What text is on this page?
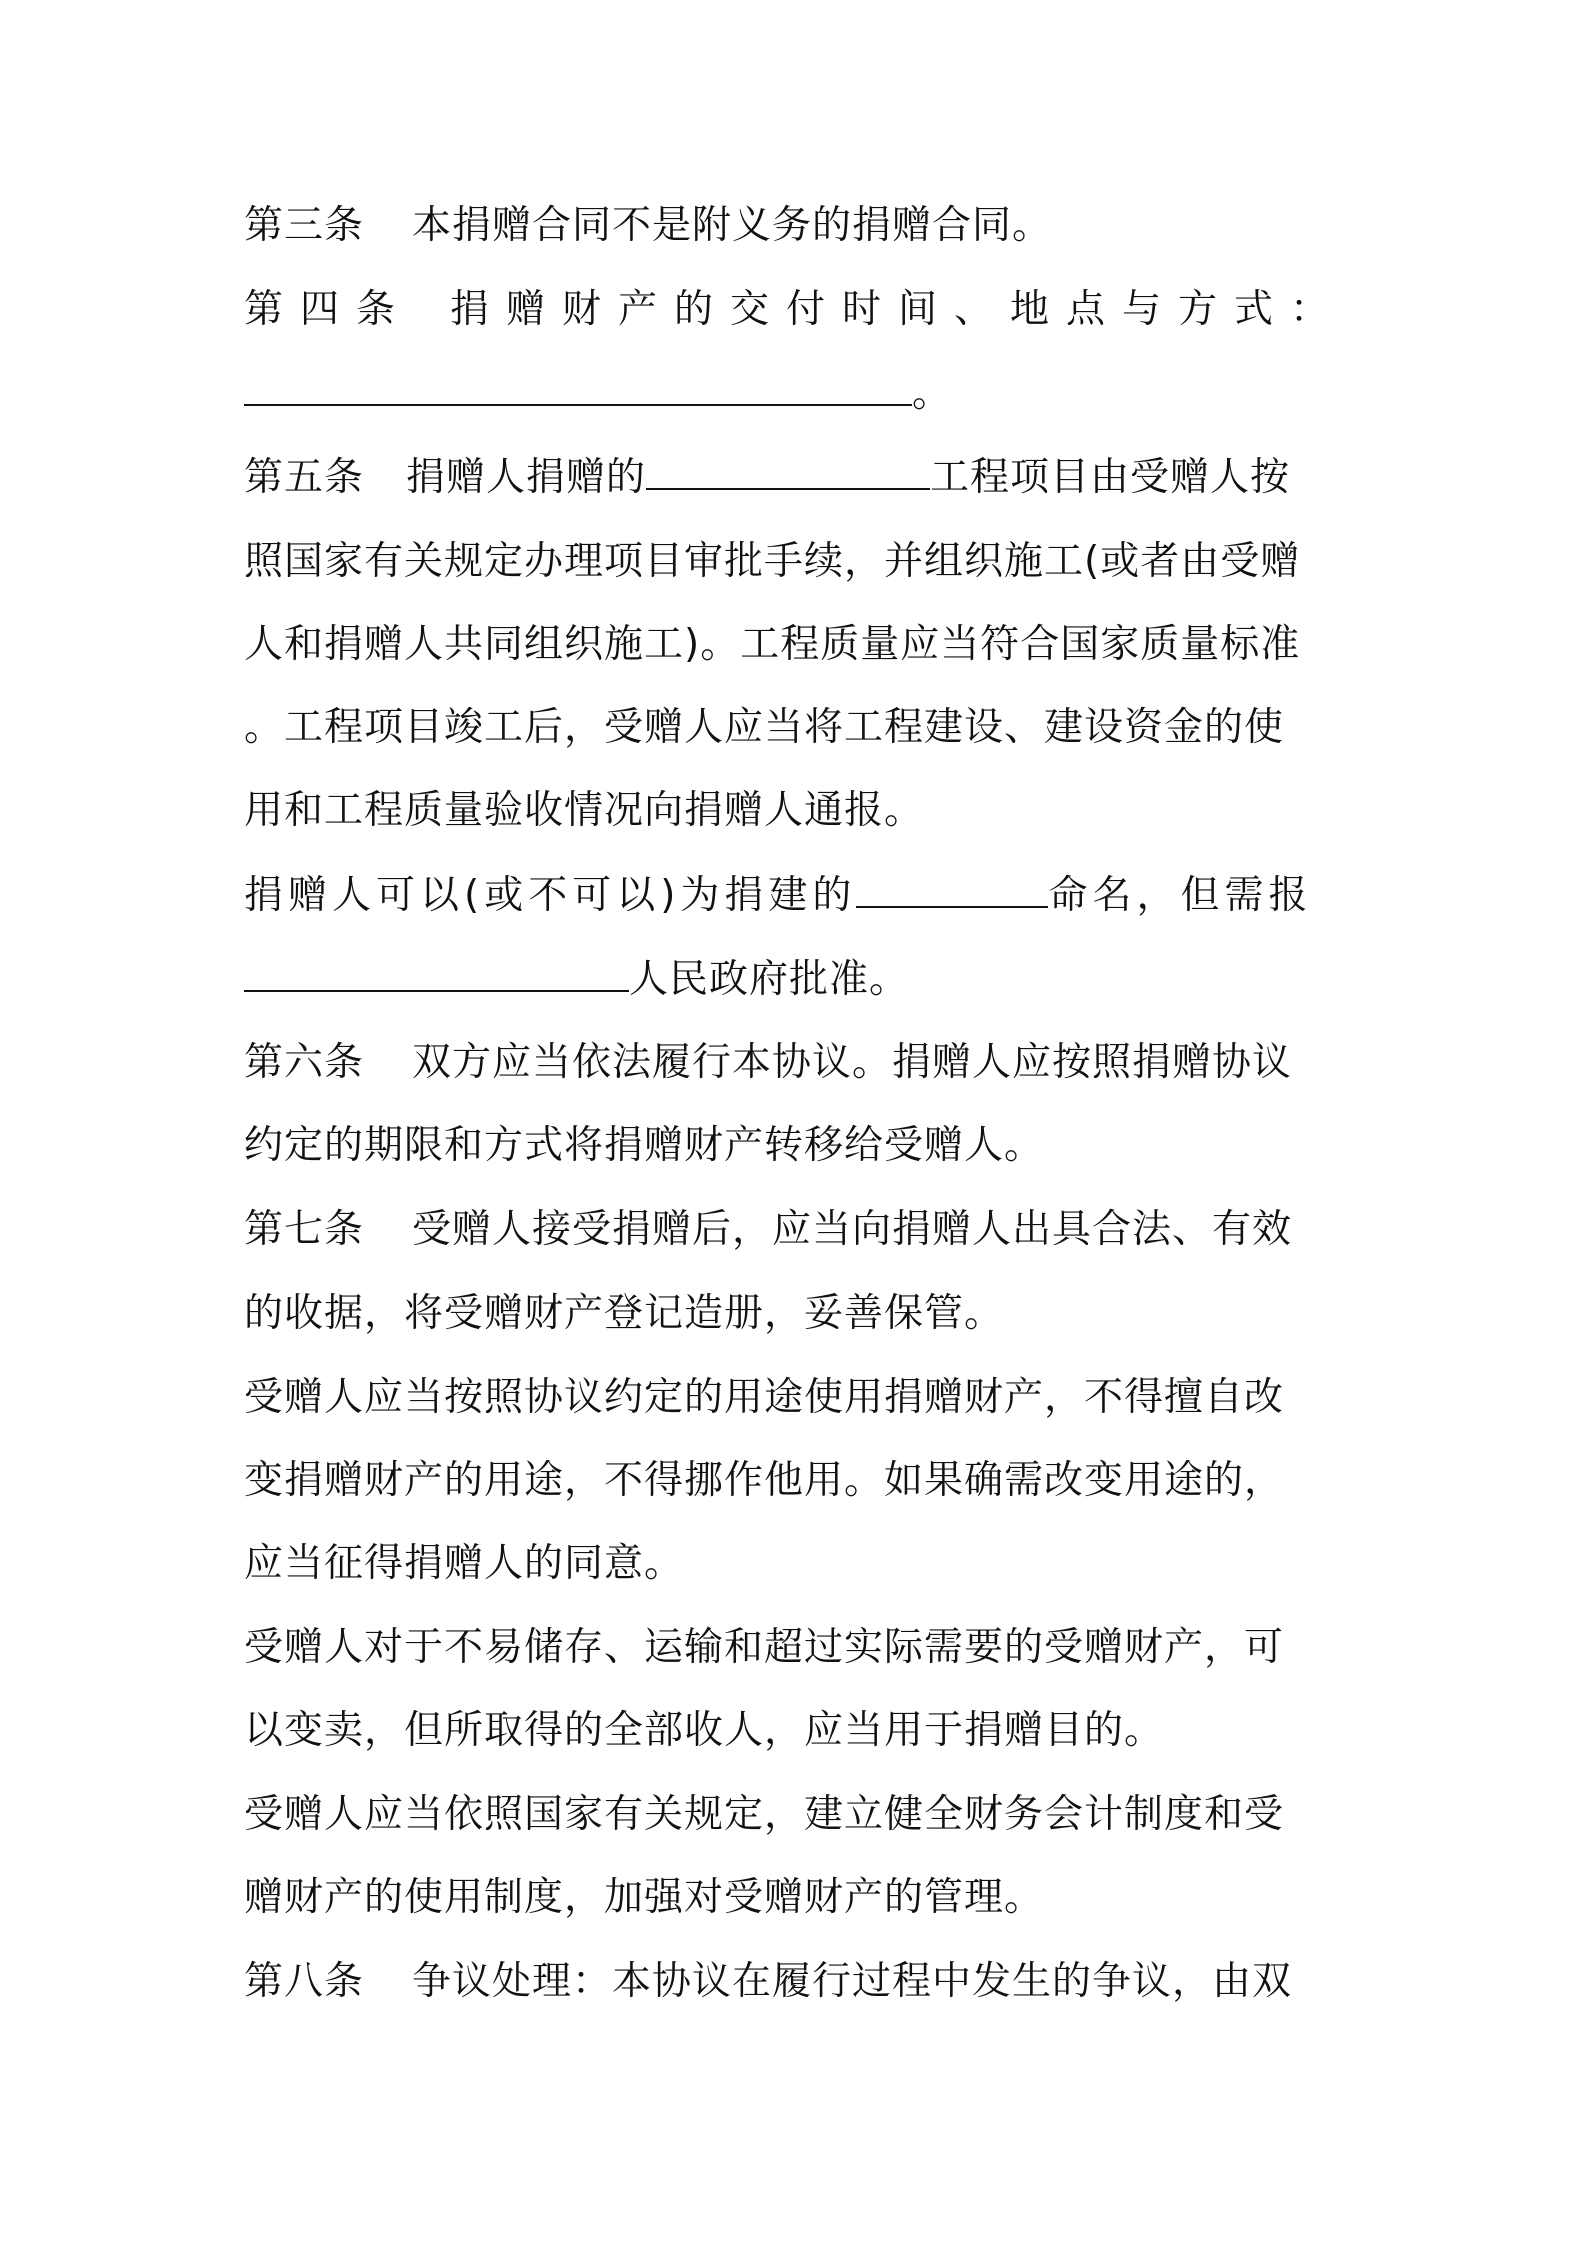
第三条 本捐赠合同不是附义务的捐赠合同。
第四条 捐赠财产的交付时间、地点与方式：
。
第五条 捐赠人捐赠的	工程项目由受赠人按
照国家有关规定办理项目审批手续，并组织施工(或者由受赠
人和捐赠人共同组织施工)。工程质量应当符合国家质量标准
。工程项目竣工后，受赠人应当将工程建设、建设资金的使
用和工程质量验收情况向捐赠人通报。
捐赠人可以(或不可以)为捐建的	命名，但需报
人民政府批准。
第六条 双方应当依法履行本协议。捐赠人应按照捐赠协议
约定的期限和方式将捐赠财产转移给受赠人。
第七条 受赠人接受捐赠后，应当向捐赠人出具合法、有效
的收据，将受赠财产登记造册，妥善保管。
受赠人应当按照协议约定的用途使用捐赠财产，不得擅自改
变捐赠财产的用途，不得挪作他用。如果确需改变用途的，
应当征得捐赠人的同意。
受赠人对于不易储存、运输和超过实际需要的受赠财产，可
以变卖，但所取得的全部收人，应当用于捐赠目的。
受赠人应当依照国家有关规定，建立健全财务会计制度和受
赠财产的使用制度，加强对受赠财产的管理。
第八条 争议处理：本协议在履行过程中发生的争议，由双
